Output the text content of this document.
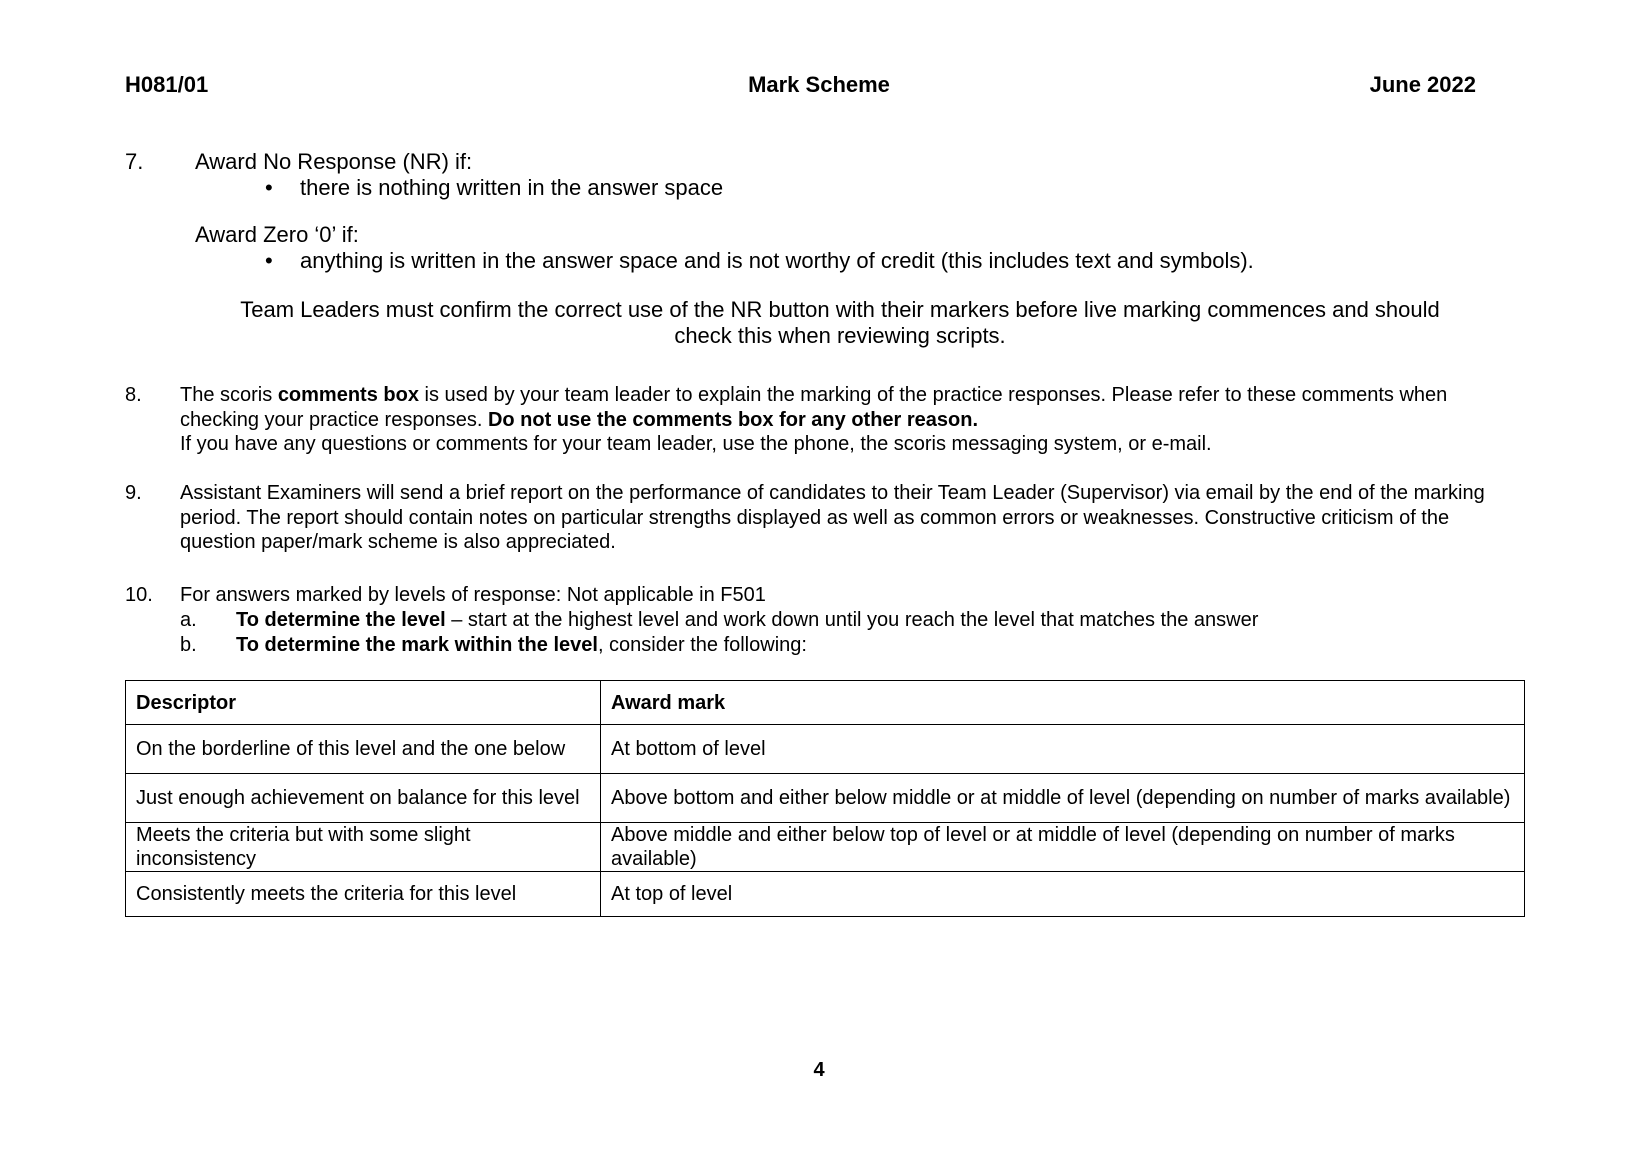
H081/01	Mark Scheme	June 2022
7. Award No Response (NR) if:
• there is nothing written in the answer space
Award Zero ‘0’ if:
• anything is written in the answer space and is not worthy of credit (this includes text and symbols).
Team Leaders must confirm the correct use of the NR button with their markers before live marking commences and should
check this when reviewing scripts.
8. The scoris comments box is used by your team leader to explain the marking of the practice responses. Please refer to these comments when checking your practice responses. Do not use the comments box for any other reason.
If you have any questions or comments for your team leader, use the phone, the scoris messaging system, or e-mail.
9. Assistant Examiners will send a brief report on the performance of candidates to their Team Leader (Supervisor) via email by the end of the marking period. The report should contain notes on particular strengths displayed as well as common errors or weaknesses. Constructive criticism of the question paper/mark scheme is also appreciated.
10. For answers marked by levels of response: Not applicable in F501
a. To determine the level – start at the highest level and work down until you reach the level that matches the answer
b. To determine the mark within the level, consider the following:
Descriptor	Award mark
On the borderline of this level and the one below	At bottom of level
Just enough achievement on balance for this level	Above bottom and either below middle or at middle of level (depending on number of marks available)
Meets the criteria but with some slight inconsistency	Above middle and either below top of level or at middle of level (depending on number of marks available)
Consistently meets the criteria for this level	At top of level
4
